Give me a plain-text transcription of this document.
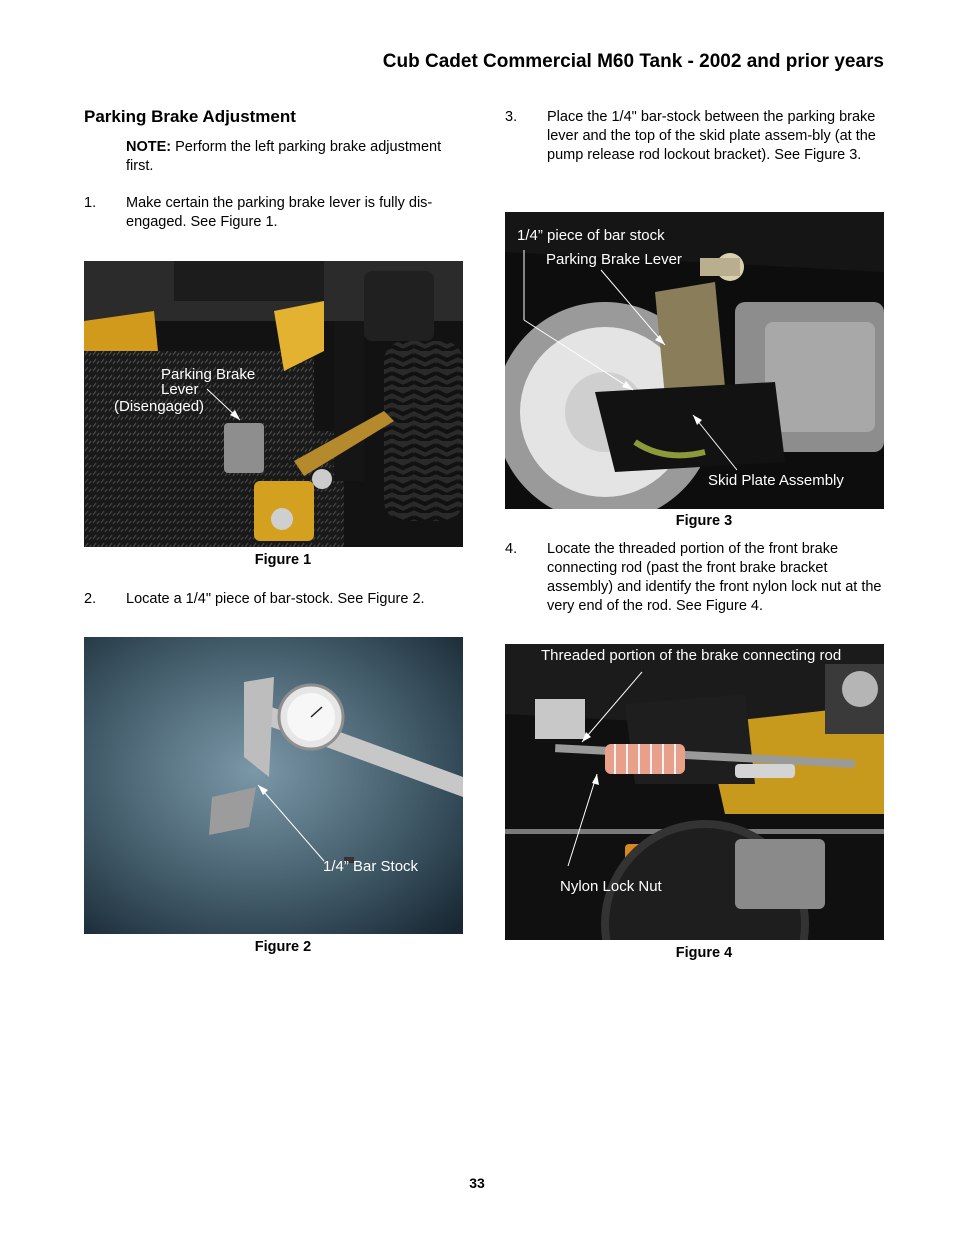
Cub Cadet Commercial M60 Tank - 2002 and prior years
Parking Brake Adjustment
NOTE: Perform the left parking brake adjustment first.
1. Make certain the parking brake lever is fully dis-engaged. See Figure 1.
Parking Brake
Lever
(Disengaged)
Figure 1
2. Locate a 1/4" piece of bar-stock. See Figure 2.
1/4” Bar Stock
Figure 2
3. Place the 1/4" bar-stock between the parking brake lever and the top of the skid plate assem-bly (at the pump release rod lockout bracket). See Figure 3.
1/4” piece of bar stock
Parking Brake Lever
Skid Plate Assembly
Figure 3
4. Locate the threaded portion of the front brake connecting rod (past the front brake bracket assembly) and identify the front nylon lock nut at the very end of the rod. See Figure 4.
Threaded portion of the brake connecting rod
Nylon Lock Nut
Figure 4
33
